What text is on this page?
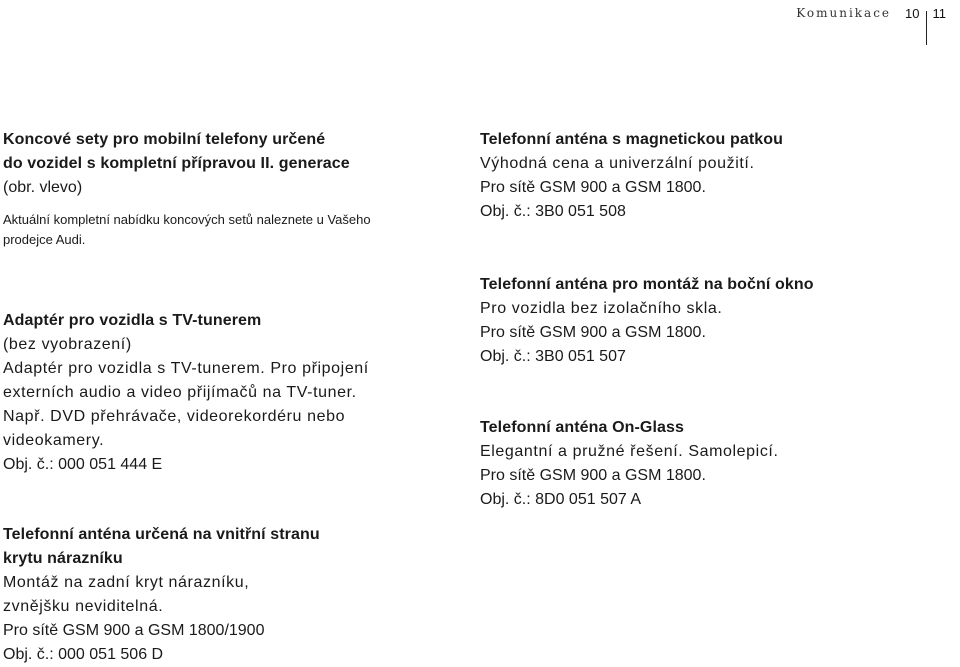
Komunikace	10	11

Koncové sety pro mobilní telefony určené

do vozidel s kompletní přípravou II. generace

(obr. vlevo)

Aktuální kompletní nabídku koncových setů naleznete u Vašeho

prodejce Audi.

Adaptér pro vozidla s TV-tunerem

(bez vyobrazení)

Adaptér pro vozidla s TV-tunerem. Pro připojení

externích audio a video přijímačů na TV-tuner.

Např. DVD přehrávače, videorekordéru nebo

videokamery.

Obj. č.: 000 051 444 E

Telefonní anténa určená na vnitřní stranu

krytu nárazníku

Montáž na zadní kryt nárazníku,

zvnějšku neviditelná.

Pro sítě GSM 900 a GSM 1800/1900

Obj. č.: 000 051 506 D

Telefonní anténa s magnetickou patkou

Výhodná cena a univerzální použití.

Pro sítě GSM 900 a GSM 1800.

Obj. č.: 3B0 051 508

Telefonní anténa pro montáž na boční okno

Pro vozidla bez izolačního skla.

Pro sítě GSM 900 a GSM 1800.

Obj. č.: 3B0 051 507

Telefonní anténa On-Glass

Elegantní a pružné řešení. Samolepicí.

Pro sítě GSM 900 a GSM 1800.

Obj. č.: 8D0 051 507 A
